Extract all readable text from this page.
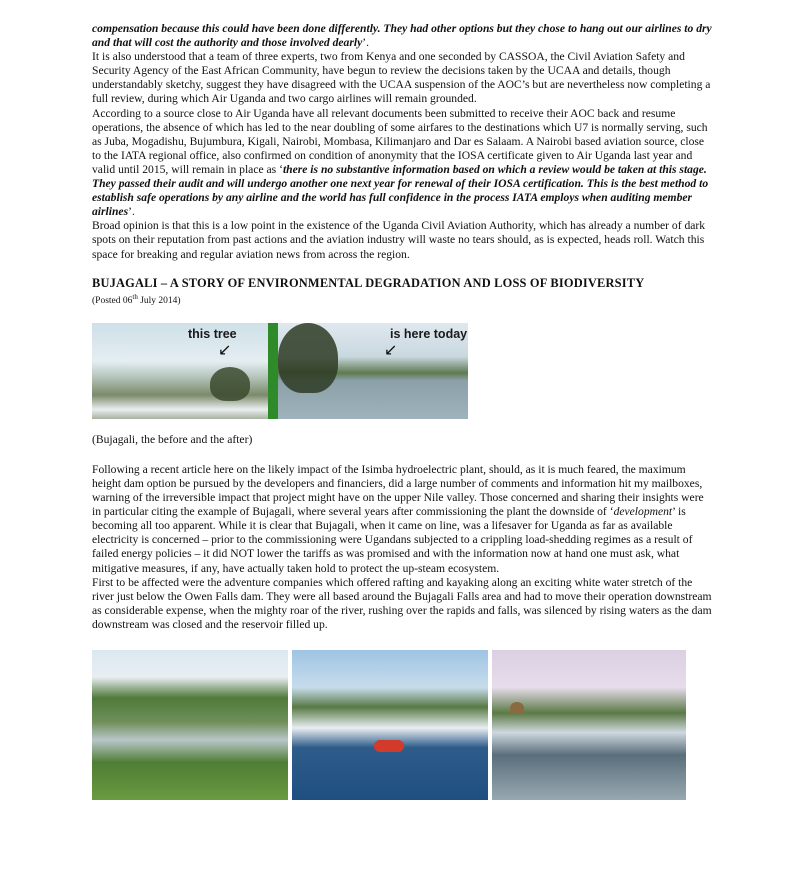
compensation because this could have been done differently. They had other options but they chose to hang out our airlines to dry and that will cost the authority and those involved dearly’.

It is also understood that a team of three experts, two from Kenya and one seconded by CASSOA, the Civil Aviation Safety and Security Agency of the East African Community, have begun to review the decisions taken by the UCAA and details, though understandably sketchy, suggest they have disagreed with the UCAA suspension of the AOC’s but are nevertheless now completing a full review, during which Air Uganda and two cargo airlines will remain grounded.

According to a source close to Air Uganda have all relevant documents been submitted to receive their AOC back and resume operations, the absence of which has led to the near doubling of some airfares to the destinations which U7 is normally serving, such as Juba, Mogadishu, Bujumbura, Kigali, Nairobi, Mombasa, Kilimanjaro and Dar es Salaam. A Nairobi based aviation source, close to the IATA regional office, also confirmed on condition of anonymity that the IOSA certificate given to Air Uganda last year and valid until 2015, will remain in place as ‘there is no substantive information based on which a review would be taken at this stage. They passed their audit and will undergo another one next year for renewal of their IOSA certification. This is the best method to establish safe operations by any airline and the world has full confidence in the process IATA employs when auditing member airlines’.

Broad opinion is that this is a low point in the existence of the Uganda Civil Aviation Authority, which has already a number of dark spots on their reputation from past actions and the aviation industry will waste no tears should, as is expected, heads roll. Watch this space for breaking and regular aviation news from across the region.

BUJAGALI – A STORY OF ENVIRONMENTAL DEGRADATION AND LOSS OF BIODIVERSITY
(Posted 06th July 2014)
this tree
↙
is here today
↙

(Bujagali, the before and the after)

Following a recent article here on the likely impact of the Isimba hydroelectric plant, should, as it is much feared, the maximum height dam option be pursued by the developers and financiers, did a large number of comments and information hit my mailboxes, warning of the irreversible impact that project might have on the upper Nile valley. Those concerned and sharing their insights were in particular citing the example of Bujagali, where several years after commissioning the plant the downside of ‘development’ is becoming all too apparent. While it is clear that Bujagali, when it came on line, was a lifesaver for Uganda as far as available electricity is concerned – prior to the commissioning were Ugandans subjected to a crippling load-shedding regimes as a result of failed energy policies – it did NOT lower the tariffs as was promised and with the information now at hand one must ask, what mitigative measures, if any, have actually taken hold to protect the up-steam ecosystem.

First to be affected were the adventure companies which offered rafting and kayaking along an exciting white water stretch of the river just below the Owen Falls dam. They were all based around the Bujagali Falls area and had to move their operation downstream as considerable expense, when the mighty roar of the river, rushing over the rapids and falls, was silenced by rising waters as the dam downstream was closed and the reservoir filled up.
